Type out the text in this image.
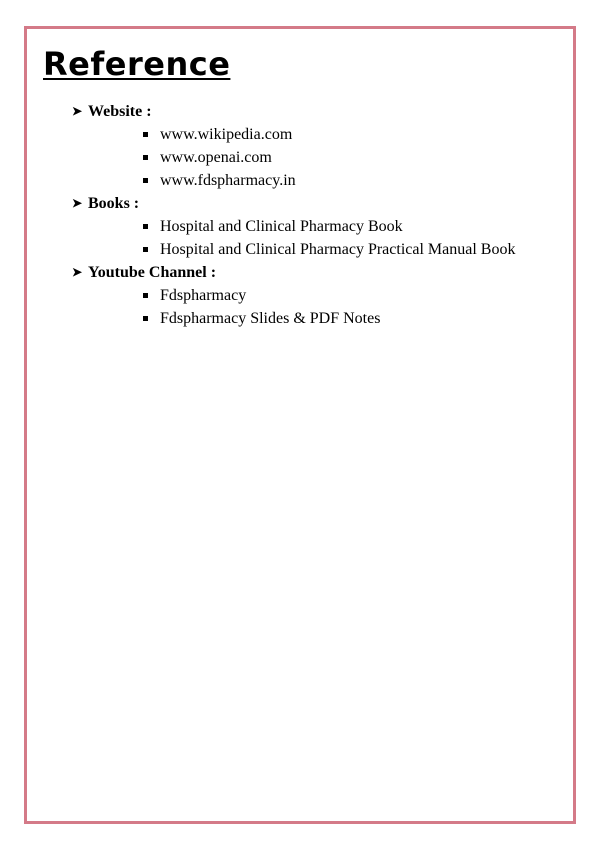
Reference
➤ Website :
www.wikipedia.com
www.openai.com
www.fdspharmacy.in
➤ Books :
Hospital and Clinical Pharmacy Book
Hospital and Clinical Pharmacy Practical Manual Book
➤ Youtube Channel :
Fdspharmacy
Fdspharmacy Slides & PDF Notes
